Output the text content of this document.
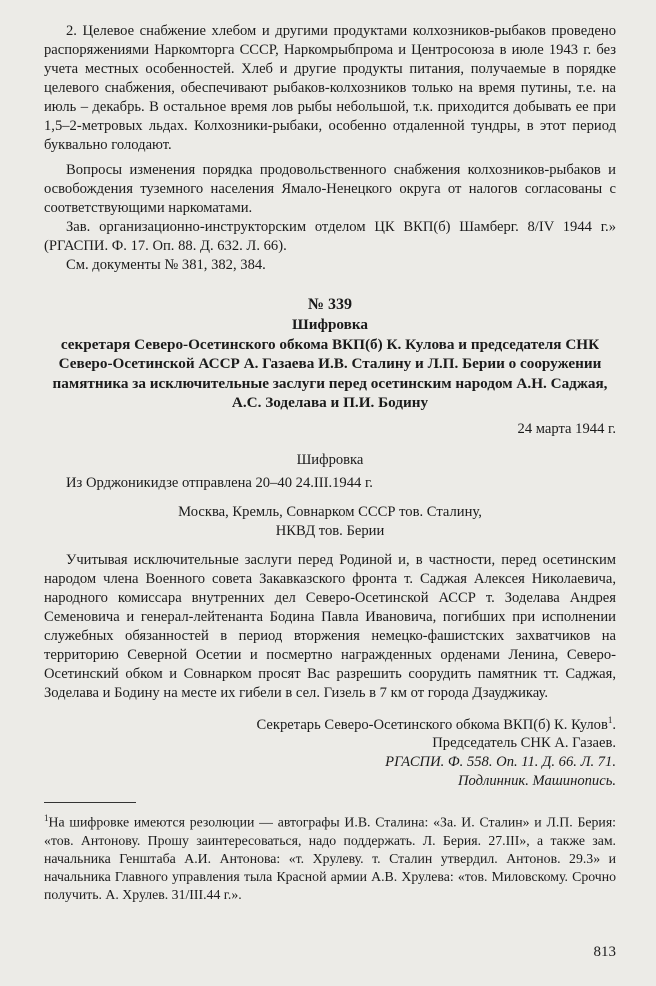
2. Целевое снабжение хлебом и другими продуктами колхозников-рыбаков проведено распоряжениями Наркомторга СССР, Наркомрыбпрома и Центросоюза в июле 1943 г. без учета местных особенностей. Хлеб и другие продукты питания, получаемые в порядке целевого снабжения, обеспечивают рыбаков-колхозников только на время путины, т.е. на июль – декабрь. В остальное время лов рыбы небольшой, т.к. приходится добывать ее при 1,5–2-метровых льдах. Колхозники-рыбаки, особенно отдаленной тундры, в этот период буквально голодают.

Вопросы изменения порядка продовольственного снабжения колхозников-рыбаков и освобождения туземного населения Ямало-Ненецкого округа от налогов согласованы с соответствующими наркоматами.

Зав. организационно-инструкторским отделом ЦК ВКП(б) Шамберг. 8/IV 1944 г.» (РГАСПИ. Ф. 17. Оп. 88. Д. 632. Л. 66).

См. документы № 381, 382, 384.

№ 339
Шифровка
секретаря Северо-Осетинского обкома ВКП(б) К. Кулова и председателя СНК Северо-Осетинской АССР А. Газаева И.В. Сталину и Л.П. Берии о сооружении памятника за исключительные заслуги перед осетинским народом А.Н. Саджая, А.С. Зоделава и П.И. Бодину

24 марта 1944 г.

Шифровка

Из Орджоникидзе отправлена 20–40 24.III.1944 г.

Москва, Кремль, Совнарком СССР тов. Сталину,

НКВД тов. Берии

Учитывая исключительные заслуги перед Родиной и, в частности, перед осетинским народом члена Военного совета Закавказского фронта т. Саджая Алексея Николаевича, народного комиссара внутренних дел Северо-Осетинской АССР т. Зоделава Андрея Семеновича и генерал-лейтенанта Бодина Павла Ивановича, погибших при исполнении служебных обязанностей в период вторжения немецко-фашистских захватчиков на территорию Северной Осетии и посмертно награжденных орденами Ленина, Северо-Осетинский обком и Совнарком просят Вас разрешить соорудить памятник тт. Саджая, Зоделава и Бодину на месте их гибели в сел. Гизель в 7 км от города Дзауджикау.

Секретарь Северо-Осетинского обкома ВКП(б) К. Кулов$^1$.

Председатель СНК А. Газаев.

РГАСПИ. Ф. 558. Оп. 11. Д. 66. Л. 71.

Подлинник. Машинопись.

$^1$На шифровке имеются резолюции — автографы И.В. Сталина: «За. И. Сталин» и Л.П. Берия: «тов. Антонову. Прошу заинтересоваться, надо поддержать. Л. Берия. 27.III», а также зам. начальника Генштаба А.И. Антонова: «т. Хрулеву. т. Сталин утвердил. Антонов. 29.3» и начальника Главного управления тыла Красной армии А.В. Хрулева: «тов. Миловскому. Срочно получить. А. Хрулев. 31/III.44 г.».

813
